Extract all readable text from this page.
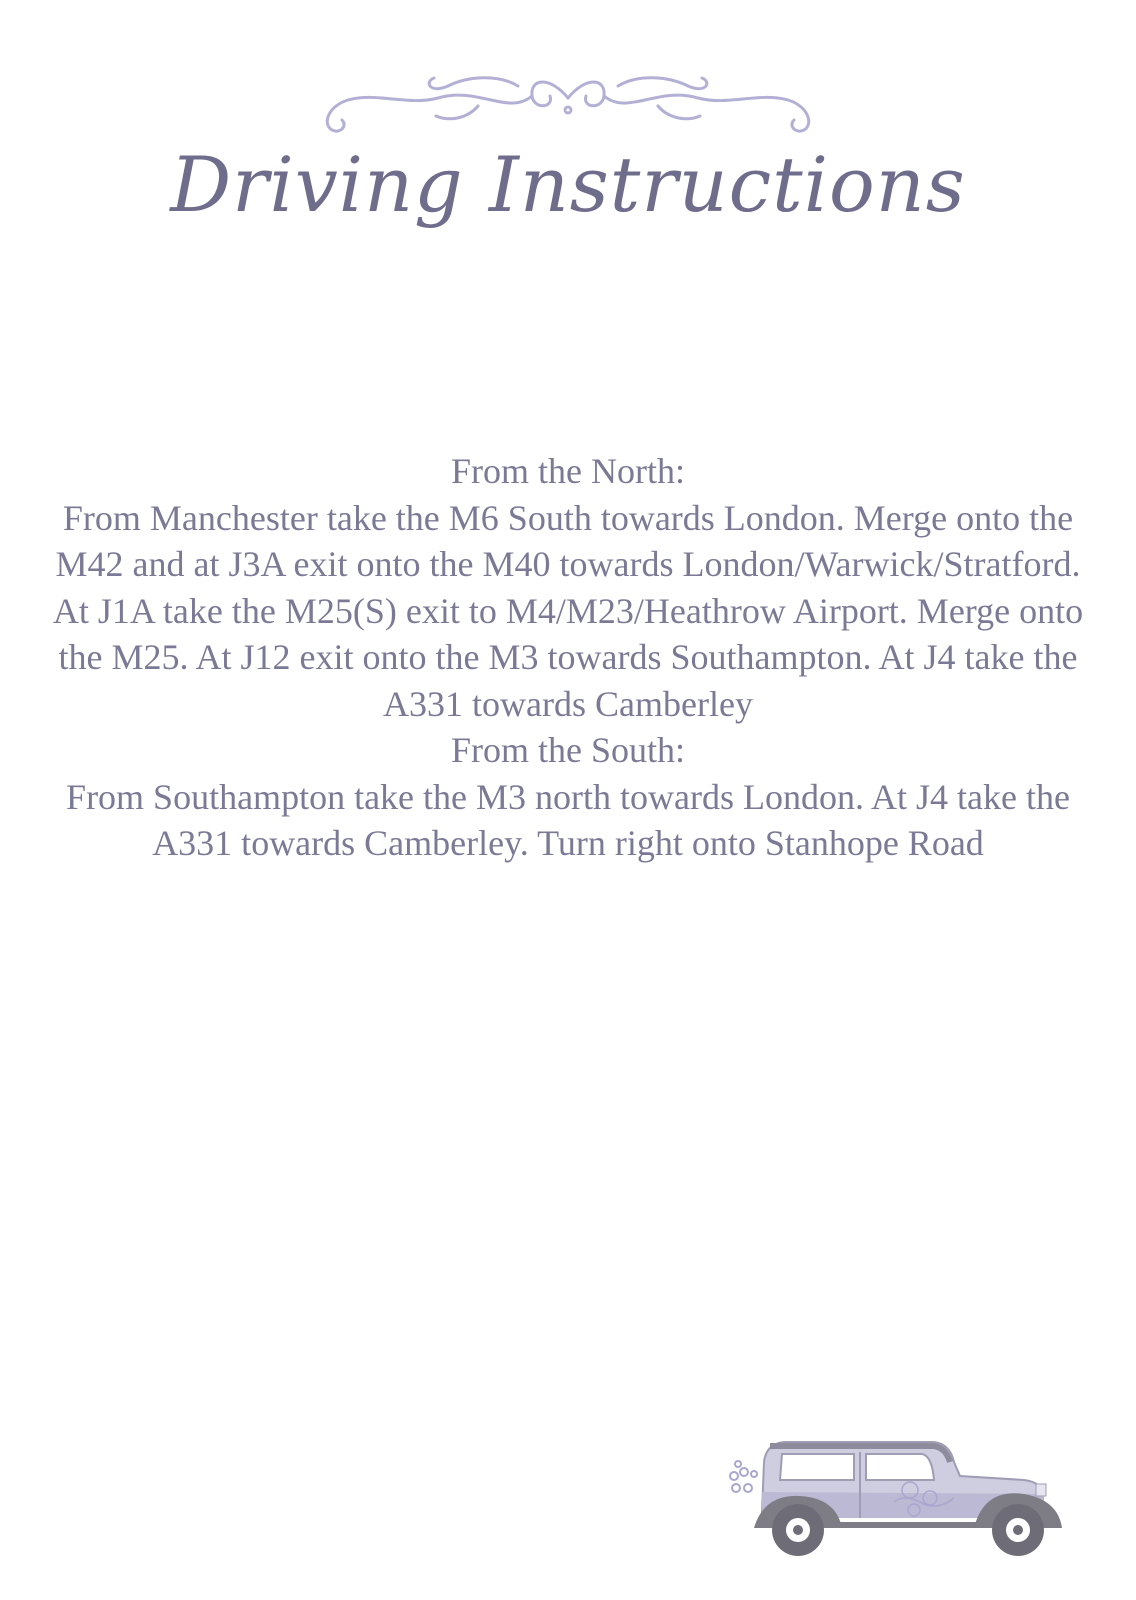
Driving Instructions

From the North:

From Manchester take the M6 South towards London. Merge onto the M42 and at J3A exit onto the M40 towards London/Warwick/Stratford. At J1A take the M25(S) exit to M4/M23/Heathrow Airport. Merge onto the M25. At J12 exit onto the M3 towards Southampton. At J4 take the A331 towards Camberley

From the South:

From Southampton take the M3 north towards London. At J4 take the A331 towards Camberley. Turn right onto Stanhope Road
